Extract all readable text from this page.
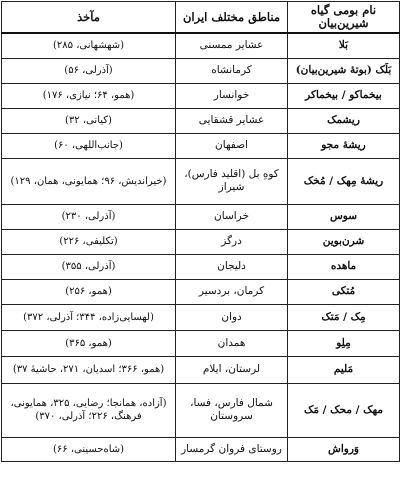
نام بومی گیاه شیرین‌بیان	مناطق مختلف ایران	مآخذ
بَلا	عشایر ممسنی	(شهشهانی، ۲۸۵)
بَلَک (بوتهٔ شیرین‌بیان)	کرمانشاه	(آذرلی، ۵۶)
بیخماکو / بیخماکر	خوانسار	(همو، ۶۴؛ نیازی، ۱۷۶)
ریشمک	عشایر قشقایی	(کیانی، ۳۲)
ریشهٔ مجو	اصفهان	(جانب‌اللهی، ۶۰)
ریشهٔ مِهک / مُخک	کوهِ بل (اقلید فارس)، شیراز	(خیراندیش، ۹۶؛ همایونی، همان، ۱۲۹)
سوس	خراسان	(آذرلی، ۲۳۰)
شرن‌بوین	درگز	(تکلیفی، ۲۲۶)
ماهده	دلیجان	(آذرلی، ۳۵۵)
مُتکی	کرمان، بردسیر	(همو، ۲۵۶)
مِک / مَتک	دوان	(لهسایی‌زاده، ۳۴۴؛ آذرلی، ۳۷۲)
مِلِو	همدان	(همو، ۳۶۵)
مَلیم	لرستان، ایلام	(همو، ۳۶۶؛ اسدیان، ۲۷۱، حاشیهٔ ۳۷)
مهک / محک / مَک	شمال فارس، فسا، سروستان	(آزاده، همانجا؛ رضایی، ۳۲۵، همایونی، فرهنگ، ۲۲۶؛ آذرلی، ۳۷۰)
وَرواش	روستای فروان گرمسار	(شاه‌حسینی، ۶۶)
